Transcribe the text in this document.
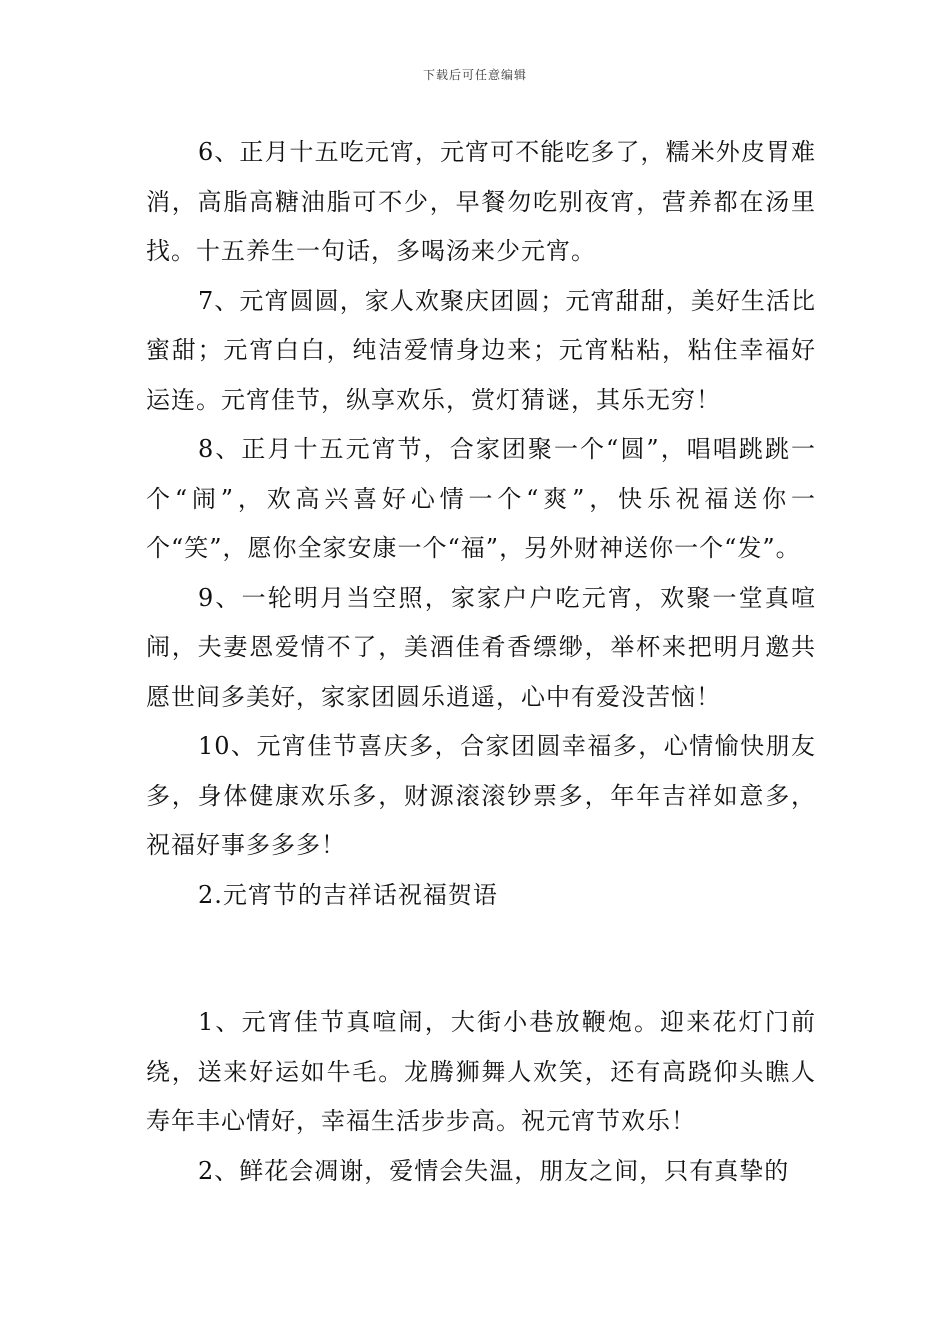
下载后可任意编辑

6、正月十五吃元宵，元宵可不能吃多了，糯米外皮胃难消，高脂高糖油脂可不少，早餐勿吃别夜宵，营养都在汤里找。十五养生一句话，多喝汤来少元宵。

7、元宵圆圆，家人欢聚庆团圆；元宵甜甜，美好生活比蜜甜；元宵白白，纯洁爱情身边来；元宵粘粘，粘住幸福好运连。元宵佳节，纵享欢乐，赏灯猜谜，其乐无穷！

8、正月十五元宵节，合家团聚一个“圆”，唱唱跳跳一个“闹”，欢高兴喜好心情一个“爽”，快乐祝福送你一个“笑”，愿你全家安康一个“福”，另外财神送你一个“发”。

9、一轮明月当空照，家家户户吃元宵，欢聚一堂真喧闹，夫妻恩爱情不了，美酒佳肴香缥缈，举杯来把明月邀共愿世间多美好，家家团圆乐逍遥，心中有爱没苦恼！

10、元宵佳节喜庆多，合家团圆幸福多，心情愉快朋友多，身体健康欢乐多，财源滚滚钞票多，年年吉祥如意多，祝福好事多多多！

2.元宵节的吉祥话祝福贺语

1、元宵佳节真喧闹，大街小巷放鞭炮。迎来花灯门前绕，送来好运如牛毛。龙腾狮舞人欢笑，还有高跷仰头瞧人寿年丰心情好，幸福生活步步高。祝元宵节欢乐！

2、鲜花会凋谢，爱情会失温，朋友之间，只有真挚的
